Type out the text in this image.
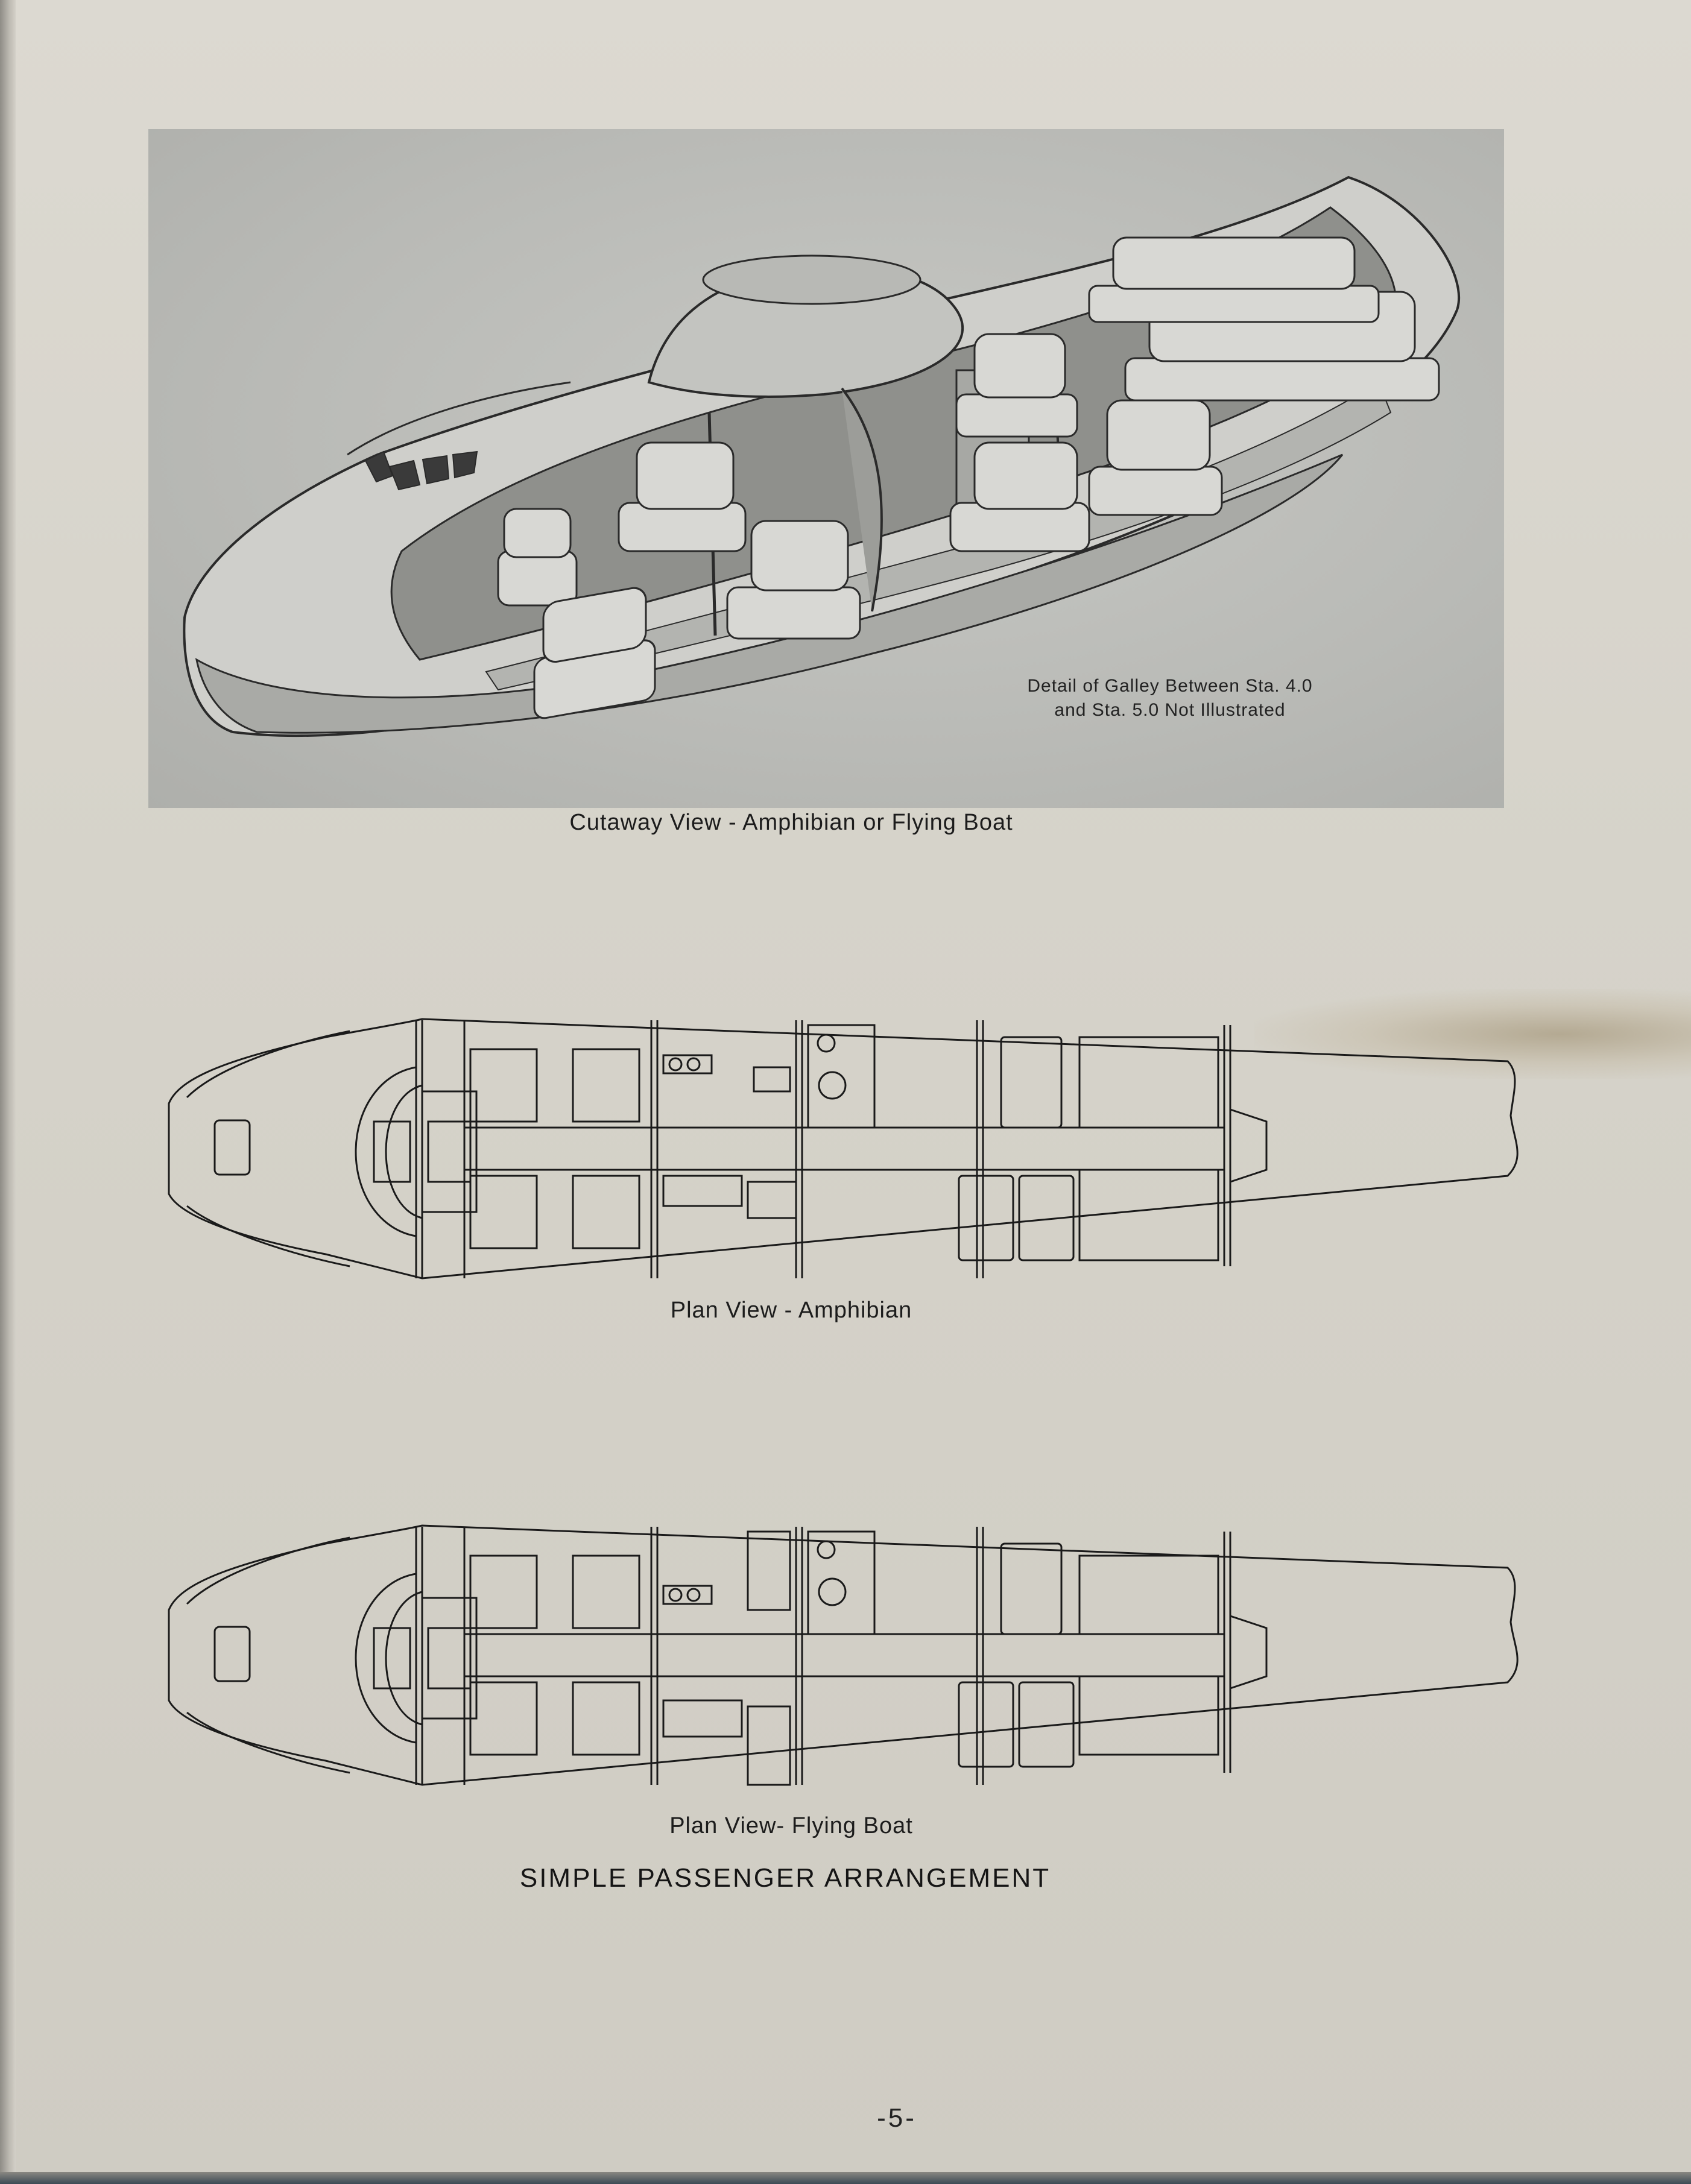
Detail of Galley Between Sta. 4.0
and Sta. 5.0 Not Illustrated
Cutaway View - Amphibian or Flying Boat
Plan View - Amphibian
Plan View- Flying Boat
SIMPLE PASSENGER ARRANGEMENT
-5-
